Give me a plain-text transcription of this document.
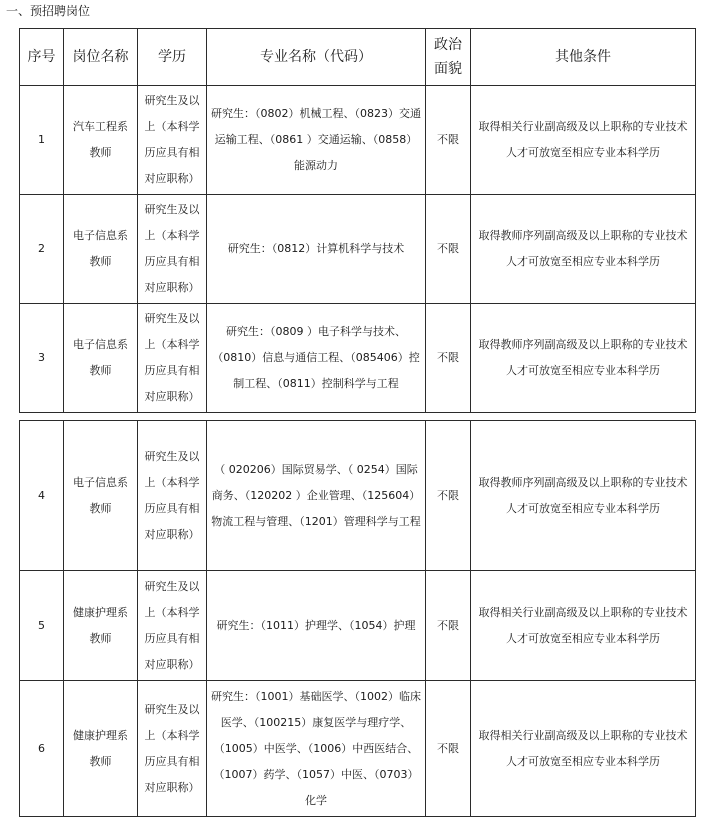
一、预招聘岗位
序号	岗位名称	学历	专业名称（代码）	政治面貌	其他条件
1	汽车工程系教师	研究生及以上（本科学历应具有相对应职称）	研究生：（0802）机械工程、（0823）交通运输工程、（0861 ）交通运输、（0858） 能源动力	不限	取得相关行业副高级及以上职称的专业技术人才可放宽至相应专业本科学历
2	电子信息系教师	研究生及以上（本科学历应具有相对应职称）	研究生：（0812）计算机科学与技术	不限	取得教师序列副高级及以上职称的专业技术人才可放宽至相应专业本科学历
3	电子信息系教师	研究生及以上（本科学历应具有相对应职称）	研究生：（0809 ）电子科学与技术、（0810）信息与通信工程、（085406）控制工程、（0811）控制科学与工程	不限	取得教师序列副高级及以上职称的专业技术人才可放宽至相应专业本科学历
4	电子信息系教师	研究生及以上（本科学历应具有相对应职称）	（ 020206）国际贸易学、（ 0254）国际商务、（120202 ）企业管理、（125604）物流工程与管理、（1201）管理科学与工程	不限	取得教师序列副高级及以上职称的专业技术人才可放宽至相应专业本科学历
5	健康护理系教师	研究生及以上（本科学历应具有相对应职称）	研究生：（1011）护理学、（1054）护理	不限	取得相关行业副高级及以上职称的专业技术人才可放宽至相应专业本科学历
6	健康护理系教师	研究生及以上（本科学历应具有相对应职称）	研究生：（1001）基础医学、（1002）临床医学、（100215）康复医学与理疗学、（1005）中医学、（1006）中西医结合、（1007）药学、（1057）中医、（0703）化学	不限	取得相关行业副高级及以上职称的专业技术人才可放宽至相应专业本科学历
